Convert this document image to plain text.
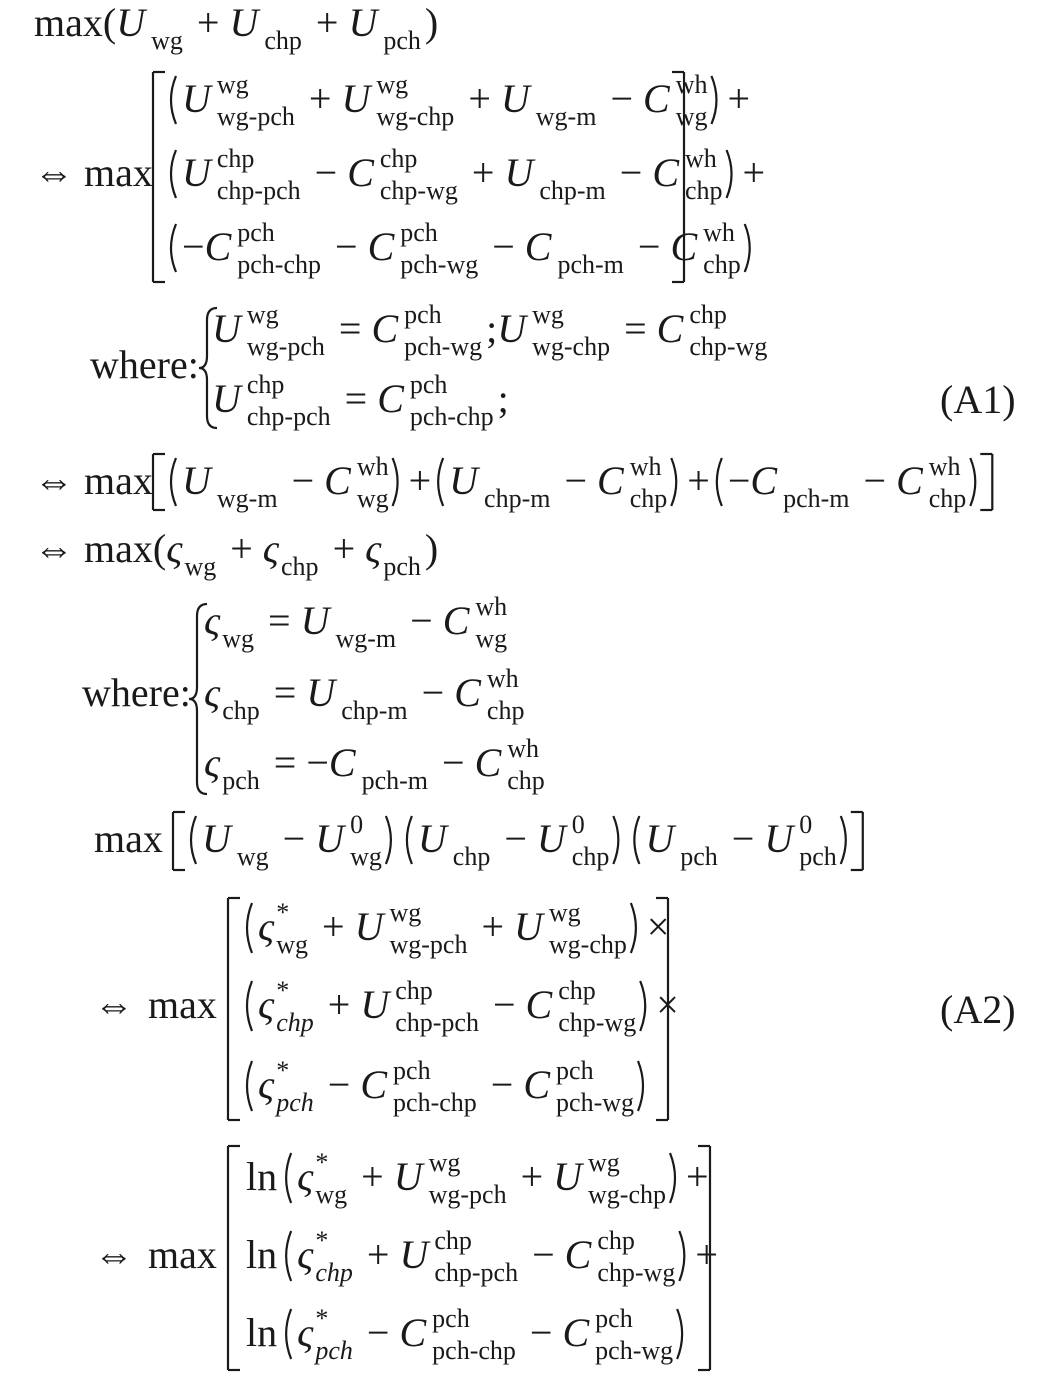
max ( U wg + U chp + U pch )
⇔ max
U wg
wg-pch + U wg
wg-chp + U wg-m − C wh
wg +
U chp
chp-pch − C chp
chp-wg + U chp-m − C wh
chp +
− C pch
pch-chp − C pch
pch-wg − C pch-m − C wh
chp
where:
U wg
wg-pch = C pch
pch-wg ; U wg
wg-chp = C chp
chp-wg
U chp
chp-pch = C pch
pch-chp ;
⇔ max U wg-m − C wh
wg + U chp-m − C wh
chp + − C pch-m − C wh
chp
⇔ max ( ς wg + ς chp + ς pch )
where:
ς wg = U wg-m − C wh
wg
ς chp = U chp-m − C wh
chp
ς pch = − C pch-m − C wh
chp
max U wg − U 0
wg U chp − U 0
chp U pch − U 0
pch
⇔ max
ς *
wg + U wg
wg-pch + U wg
wg-chp ×
ς *
chp + U chp
chp-pch − C chp
chp-wg ×
ς *
pch − C pch
pch-chp − C pch
pch-wg
⇔ max
ln ς *
wg + U wg
wg-pch + U wg
wg-chp +
ln ς *
chp + U chp
chp-pch − C chp
chp-wg +
ln ς *
pch − C pch
pch-chp − C pch
pch-wg
(A1)
(A2)
